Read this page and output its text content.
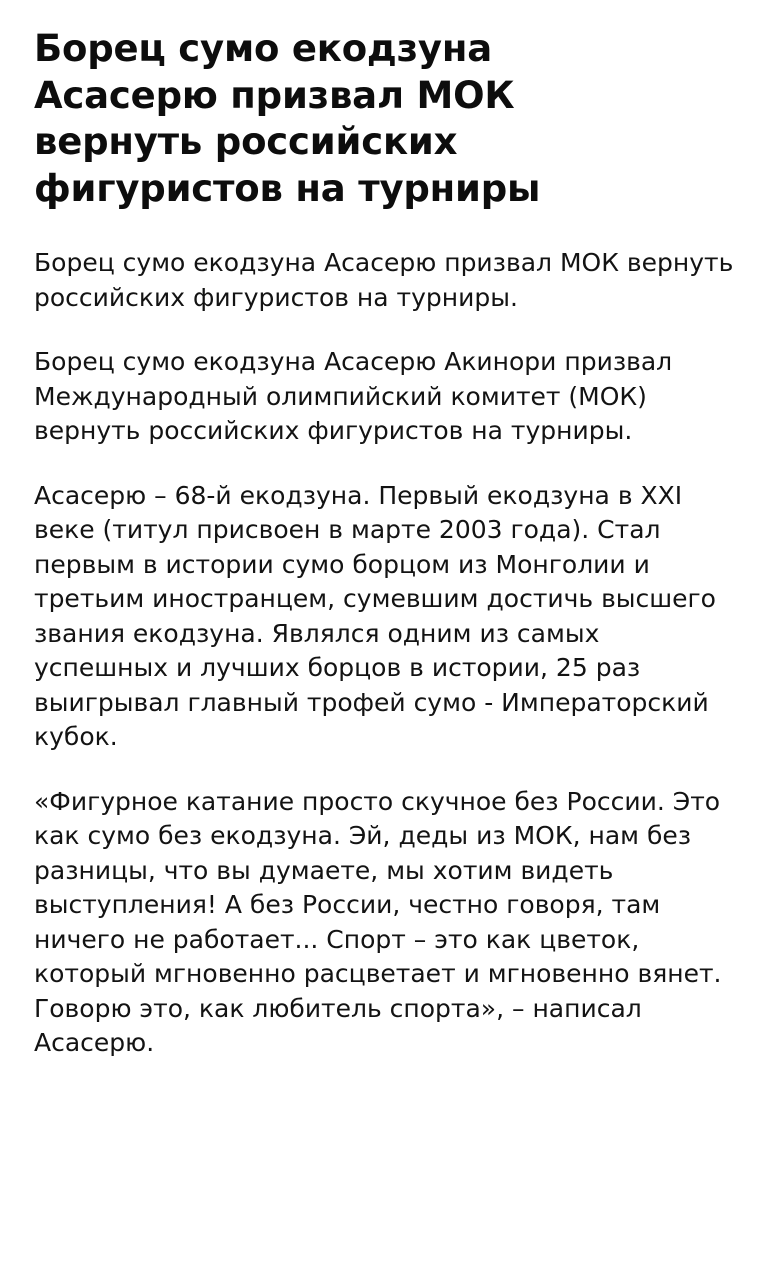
Борец сумо екодзуна Асасерю призвал МОК вернуть российских фигуристов на турниры

Борец сумо екодзуна Асасерю призвал МОК вернуть российских фигуристов на турниры.

Борец сумо екодзуна Асасерю Акинори призвал Международный олимпийский комитет (МОК) вернуть российских фигуристов на турниры.

Асасерю – 68-й екодзуна. Первый екодзуна в XXI веке (титул присвоен в марте 2003 года). Стал первым в истории сумо борцом из Монголии и третьим иностранцем, сумевшим достичь высшего звания екодзуна. Являлся одним из самых успешных и лучших борцов в истории, 25 раз выигрывал главный трофей сумо - Императорский кубок.

«Фигурное катание просто скучное без России. Это как сумо без екодзуна. Эй, деды из МОК, нам без разницы, что вы думаете, мы хотим видеть выступления! А без России, честно говоря, там ничего не работает... Спорт – это как цветок, который мгновенно расцветает и мгновенно вянет. Говорю это, как любитель спорта», – написал Асасерю.
